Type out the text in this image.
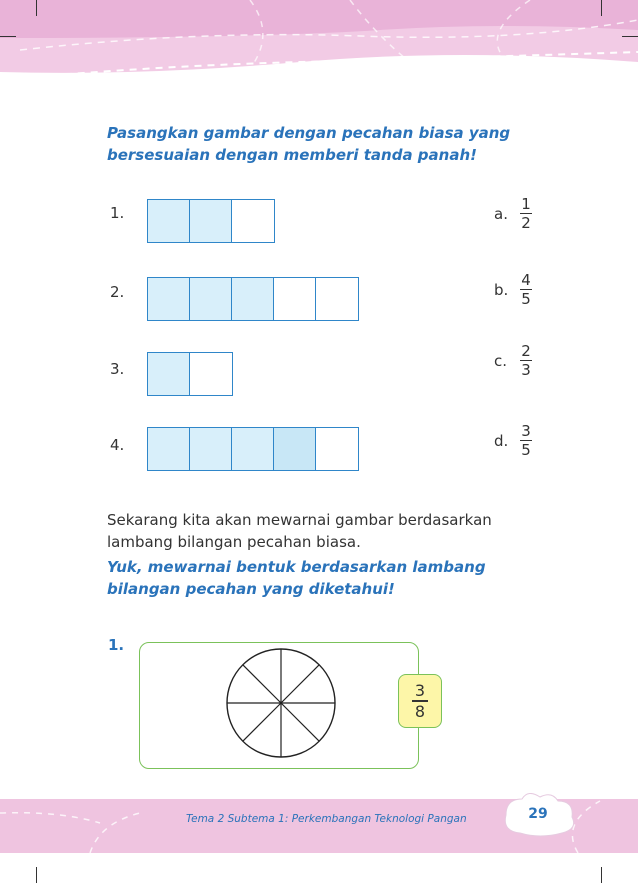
Pasangkan gambar dengan pecahan biasa yang
bersesuaian dengan memberi tanda panah!
1.
2.
3.
4.
a. $\frac{1}{2}$
b. $\frac{4}{5}$
c. $\frac{2}{3}$
d. $\frac{3}{5}$
Sekarang kita akan mewarnai gambar berdasarkan
lambang bilangan pecahan biasa.
Yuk, mewarnai bentuk berdasarkan lambang
bilangan pecahan yang diketahui!
1.
3
8
Tema 2 Subtema 1: Perkembangan Teknologi Pangan	29
